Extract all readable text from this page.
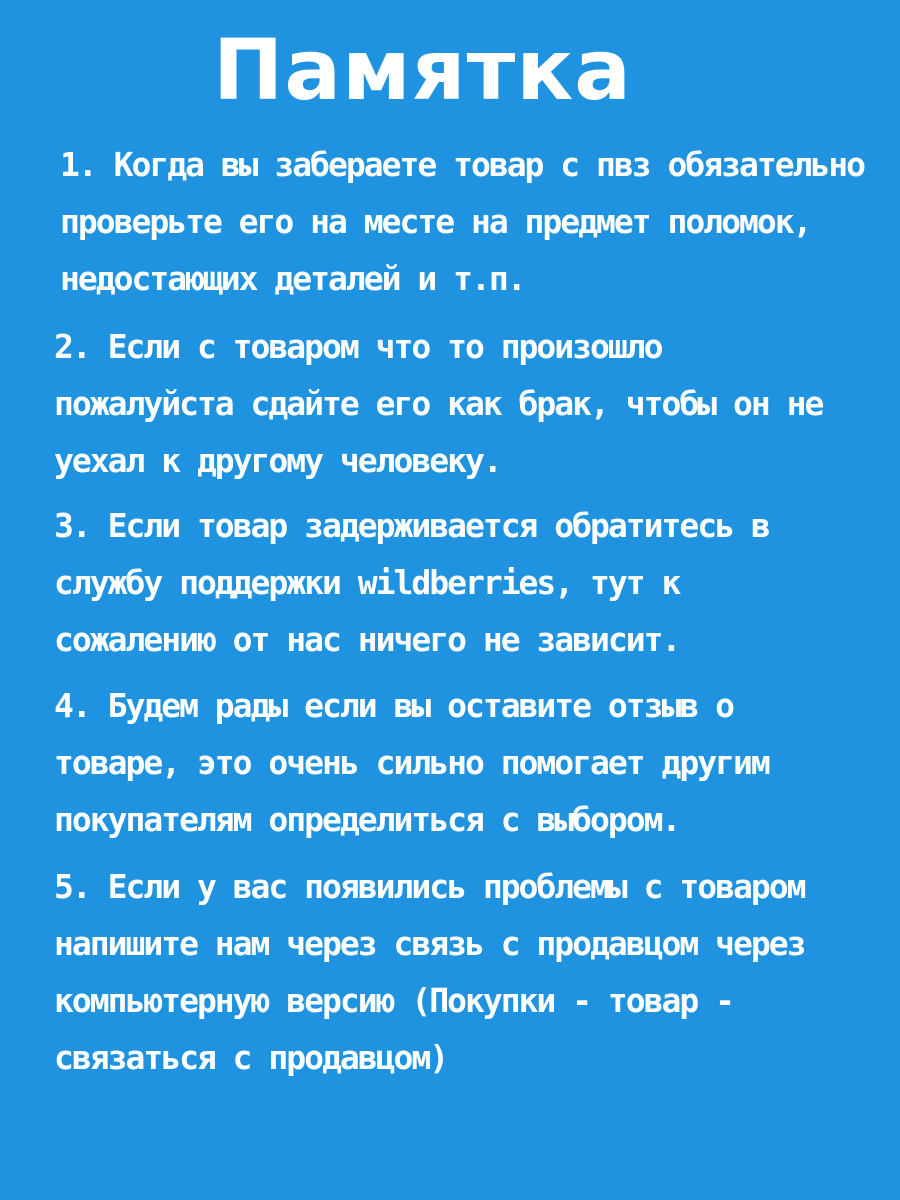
Памятка
1. Когда вы забераете товар с пвз обязательно
проверьте его на месте на предмет поломок,
недостающих деталей и т.п.
2. Если с товаром что то произошло
пожалуйста сдайте его как брак, чтобы он не
уехал к другому человеку.
3. Если товар задерживается обратитесь в
службу поддержки wildberries, тут к
сожалению от нас ничего не зависит.
4. Будем рады если вы оставите отзыв о
товаре, это очень сильно помогает другим
покупателям определиться с выбором.
5. Если у вас появились проблемы с товаром
напишите нам через связь с продавцом через
компьютерную версию (Покупки - товар -
связаться с продавцом)
